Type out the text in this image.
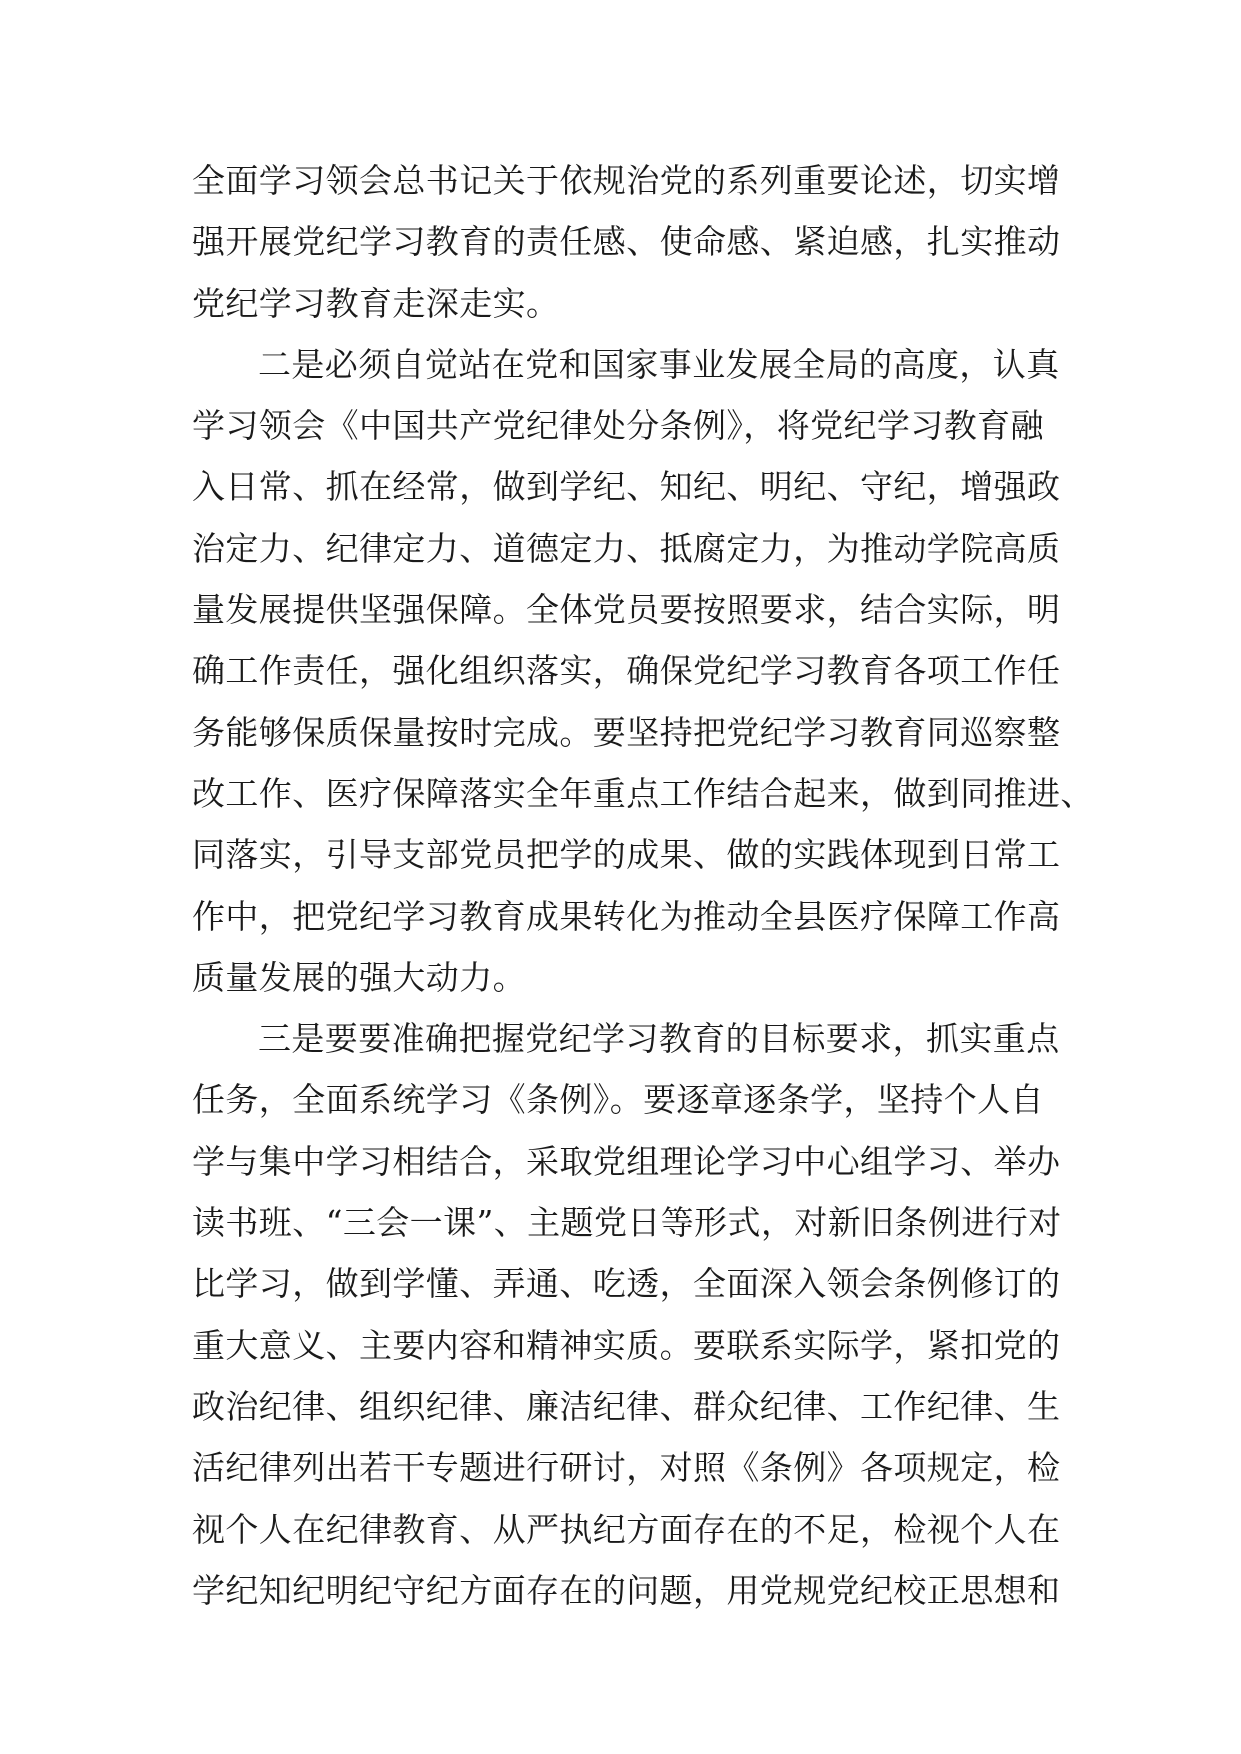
全面学习领会总书记关于依规治党的系列重要论述，切实增
强开展党纪学习教育的责任感、使命感、紧迫感，扎实推动
党纪学习教育走深走实。
二是必须自觉站在党和国家事业发展全局的高度，认真
学习领会《中国共产党纪律处分条例》，将党纪学习教育融
入日常、抓在经常，做到学纪、知纪、明纪、守纪，增强政
治定力、纪律定力、道德定力、抵腐定力，为推动学院高质
量发展提供坚强保障。全体党员要按照要求，结合实际，明
确工作责任，强化组织落实，确保党纪学习教育各项工作任
务能够保质保量按时完成。要坚持把党纪学习教育同巡察整
改工作、医疗保障落实全年重点工作结合起来，做到同推进、
同落实，引导支部党员把学的成果、做的实践体现到日常工
作中，把党纪学习教育成果转化为推动全县医疗保障工作高
质量发展的强大动力。
三是要要准确把握党纪学习教育的目标要求，抓实重点
任务，全面系统学习《条例》。要逐章逐条学，坚持个人自
学与集中学习相结合，采取党组理论学习中心组学习、举办
读书班、“三会一课”、主题党日等形式，对新旧条例进行对
比学习，做到学懂、弄通、吃透，全面深入领会条例修订的
重大意义、主要内容和精神实质。要联系实际学，紧扣党的
政治纪律、组织纪律、廉洁纪律、群众纪律、工作纪律、生
活纪律列出若干专题进行研讨，对照《条例》各项规定，检
视个人在纪律教育、从严执纪方面存在的不足，检视个人在
学纪知纪明纪守纪方面存在的问题，用党规党纪校正思想和
